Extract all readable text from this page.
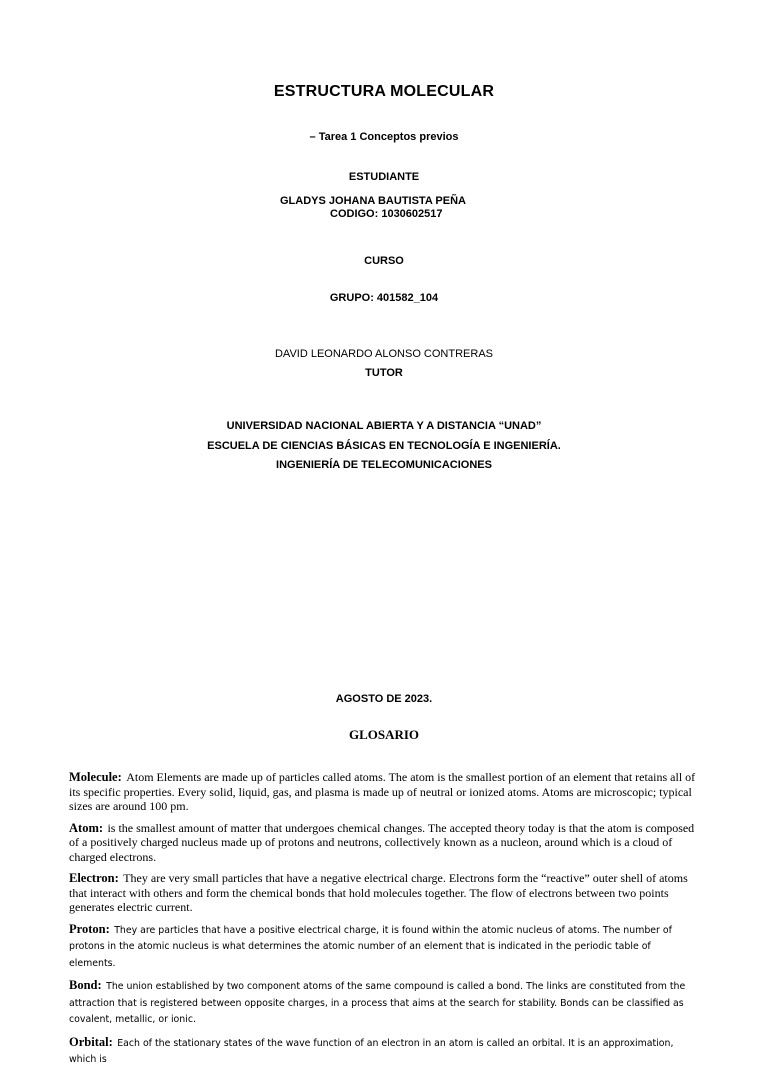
ESTRUCTURA MOLECULAR
– Tarea 1 Conceptos previos
ESTUDIANTE
GLADYS JOHANA BAUTISTA PEÑA
CODIGO: 1030602517
CURSO
GRUPO: 401582_104
DAVID LEONARDO ALONSO CONTRERAS
TUTOR
UNIVERSIDAD NACIONAL ABIERTA Y A DISTANCIA “UNAD”
ESCUELA DE CIENCIAS BÁSICAS EN TECNOLOGÍA E INGENIERÍA.
INGENIERÍA DE TELECOMUNICACIONES
AGOSTO DE 2023.
GLOSARIO

Molecule: Atom Elements are made up of particles called atoms. The atom is the smallest portion of an element that retains all of its specific properties. Every solid, liquid, gas, and plasma is made up of neutral or ionized atoms. Atoms are microscopic; typical sizes are around 100 pm.

Atom: is the smallest amount of matter that undergoes chemical changes. The accepted theory today is that the atom is composed of a positively charged nucleus made up of protons and neutrons, collectively known as a nucleon, around which is a cloud of charged electrons.

Electron: They are very small particles that have a negative electrical charge. Electrons form the “reactive” outer shell of atoms that interact with others and form the chemical bonds that hold molecules together. The flow of electrons between two points generates electric current.

Proton: They are particles that have a positive electrical charge, it is found within the atomic nucleus of atoms. The number of protons in the atomic nucleus is what determines the atomic number of an element that is indicated in the periodic table of elements.

Bond: The union established by two component atoms of the same compound is called a bond. The links are constituted from the attraction that is registered between opposite charges, in a process that aims at the search for stability. Bonds can be classified as covalent, metallic, or ionic.

Orbital: Each of the stationary states of the wave function of an electron in an atom is called an orbital. It is an approximation, which is
